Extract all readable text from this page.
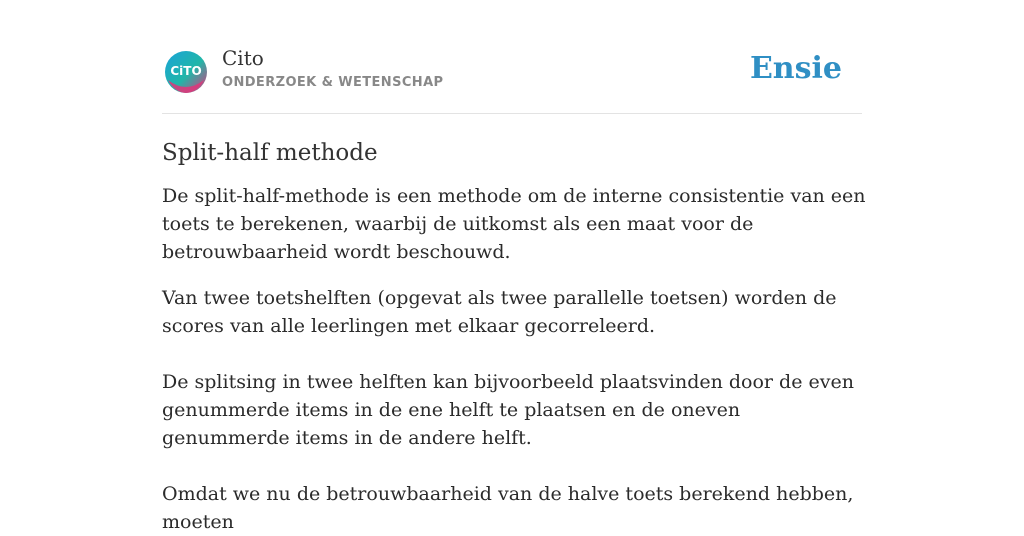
CiTO
Cito
ONDERZOEK & WETENSCHAP	Ensie
Split-half methode

De split-half-methode is een methode om de interne consistentie van een toets te berekenen, waarbij de uitkomst als een maat voor de betrouwbaarheid wordt beschouwd.

Van twee toetshelften (opgevat als twee parallelle toetsen) worden de scores van alle leerlingen met elkaar gecorreleerd.

De splitsing in twee helften kan bijvoorbeeld plaatsvinden door de even genummerde items in de ene helft te plaatsen en de oneven genummerde items in de andere helft.

Omdat we nu de betrouwbaarheid van de halve toets berekend hebben, moeten
